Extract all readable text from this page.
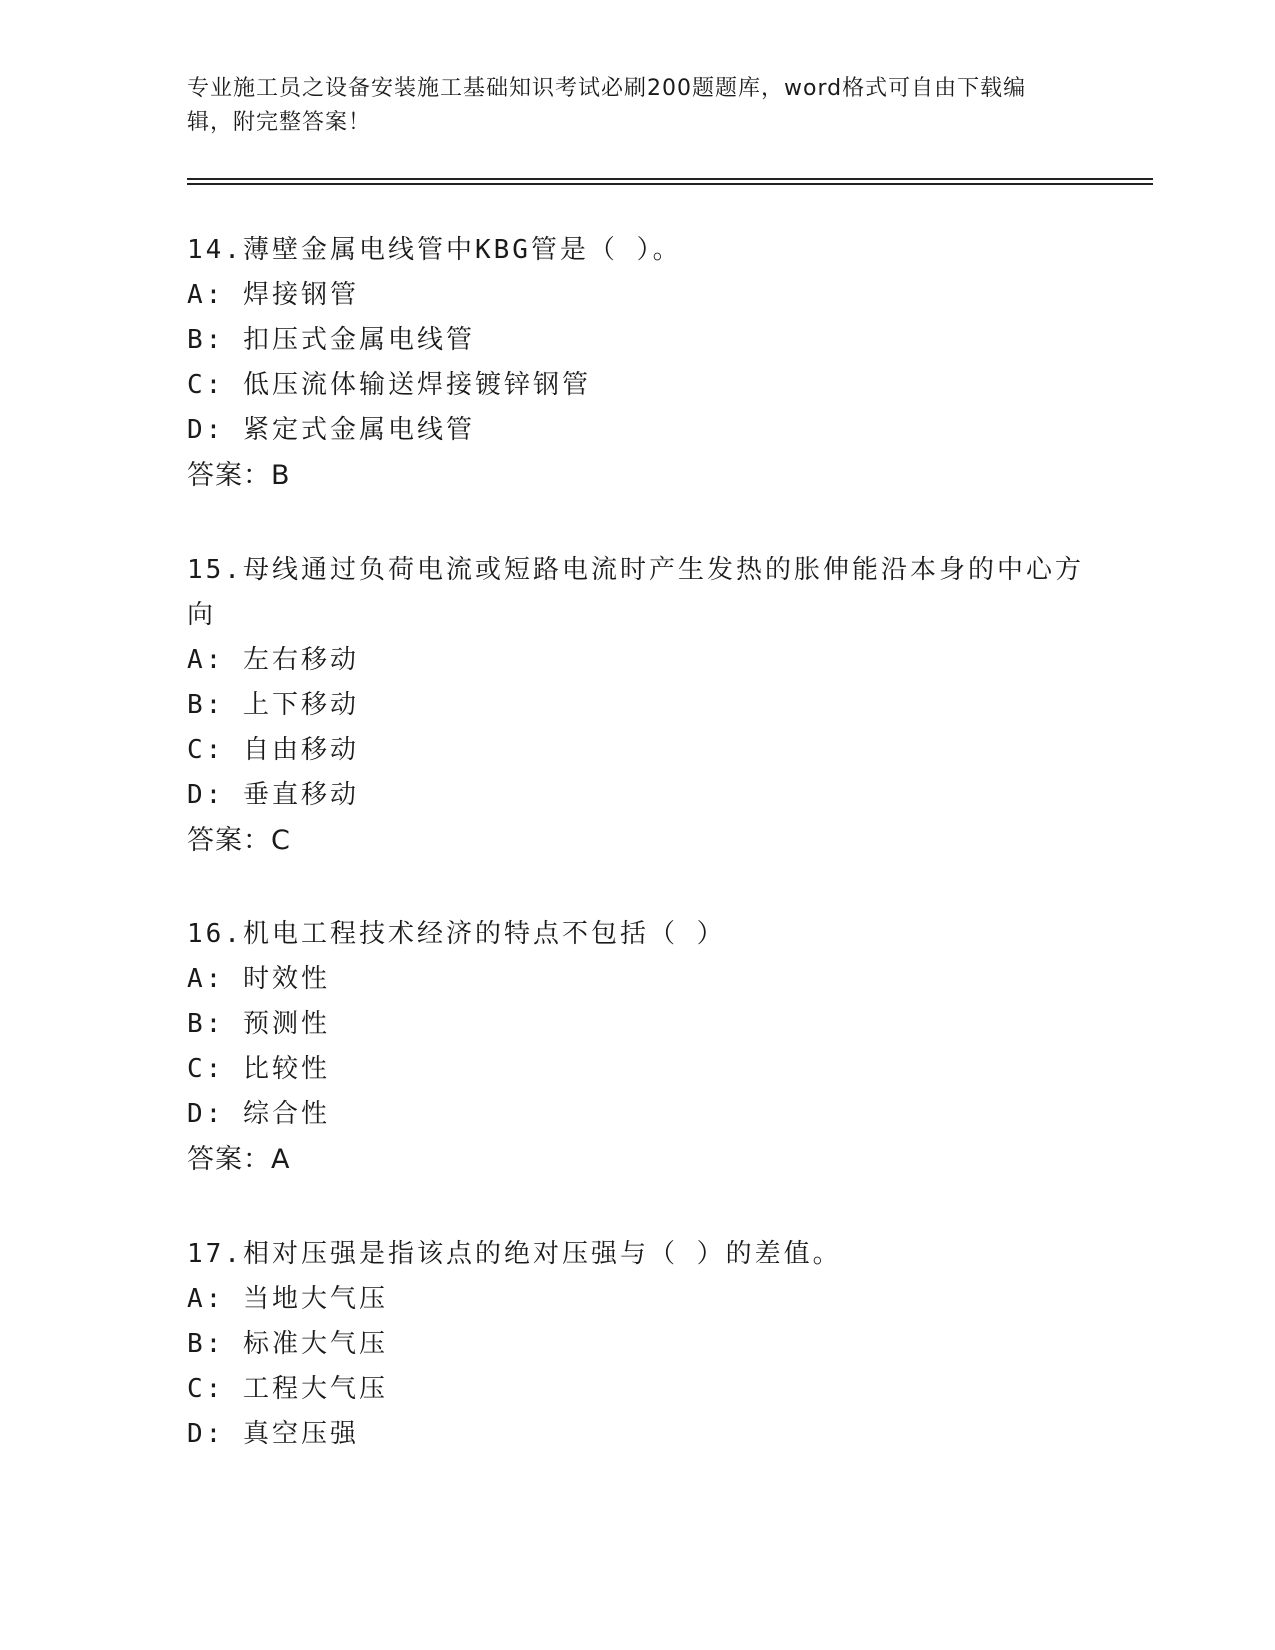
专业施工员之设备安装施工基础知识考试必刷200题题库，word格式可自由下载编辑，附完整答案！
14.薄壁金属电线管中KBG管是（ ）。
A: 焊接钢管
B: 扣压式金属电线管
C: 低压流体输送焊接镀锌钢管
D: 紧定式金属电线管
答案：B
15.母线通过负荷电流或短路电流时产生发热的胀伸能沿本身的中心方向
A: 左右移动
B: 上下移动
C: 自由移动
D: 垂直移动
答案：C
16.机电工程技术经济的特点不包括（ ）
A: 时效性
B: 预测性
C: 比较性
D: 综合性
答案：A
17.相对压强是指该点的绝对压强与（ ）的差值。
A: 当地大气压
B: 标准大气压
C: 工程大气压
D: 真空压强
